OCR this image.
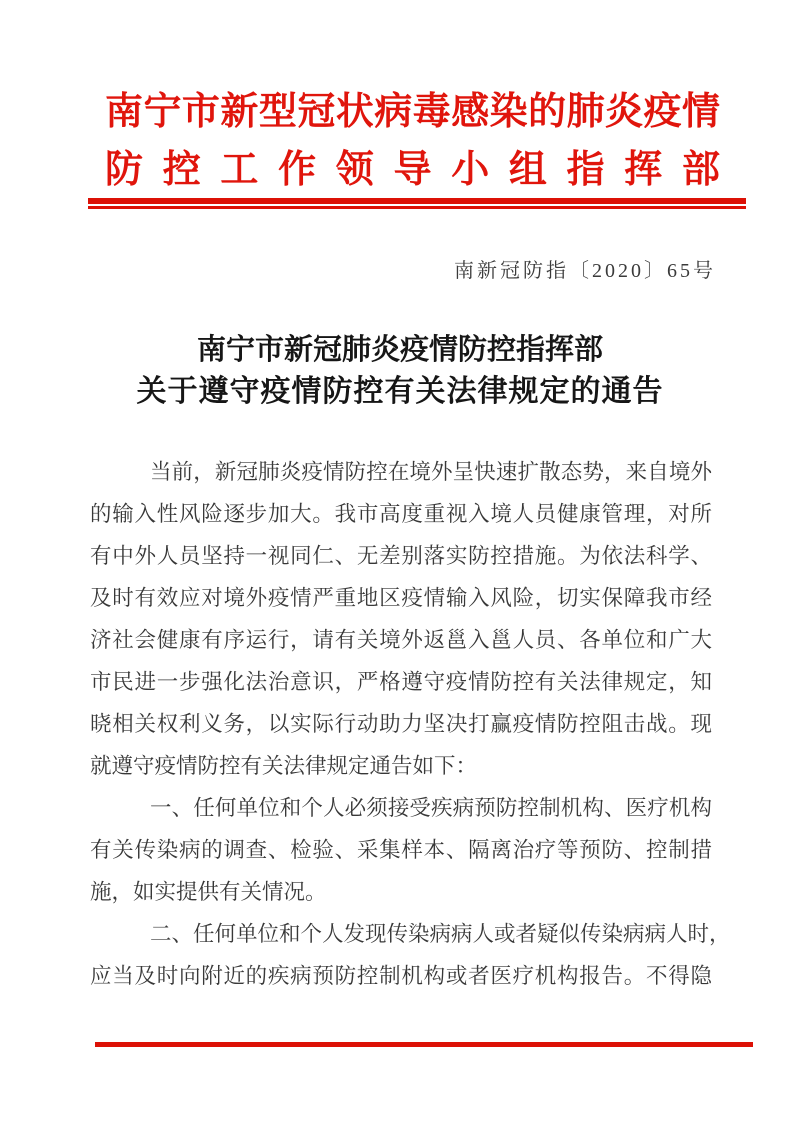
南宁市新型冠状病毒感染的肺炎疫情
防控工作领导小组指挥部
南新冠防指〔2020〕65号
南宁市新冠肺炎疫情防控指挥部
关于遵守疫情防控有关法律规定的通告
当前，新冠肺炎疫情防控在境外呈快速扩散态势，来自境外
的输入性风险逐步加大。我市高度重视入境人员健康管理，对所
有中外人员坚持一视同仁、无差别落实防控措施。为依法科学、
及时有效应对境外疫情严重地区疫情输入风险，切实保障我市经
济社会健康有序运行，请有关境外返邕入邕人员、各单位和广大
市民进一步强化法治意识，严格遵守疫情防控有关法律规定，知
晓相关权利义务，以实际行动助力坚决打赢疫情防控阻击战。现
就遵守疫情防控有关法律规定通告如下：
一、任何单位和个人必须接受疾病预防控制机构、医疗机构
有关传染病的调查、检验、采集样本、隔离治疗等预防、控制措
施，如实提供有关情况。
二、任何单位和个人发现传染病病人或者疑似传染病病人时，
应当及时向附近的疾病预防控制机构或者医疗机构报告。不得隐
